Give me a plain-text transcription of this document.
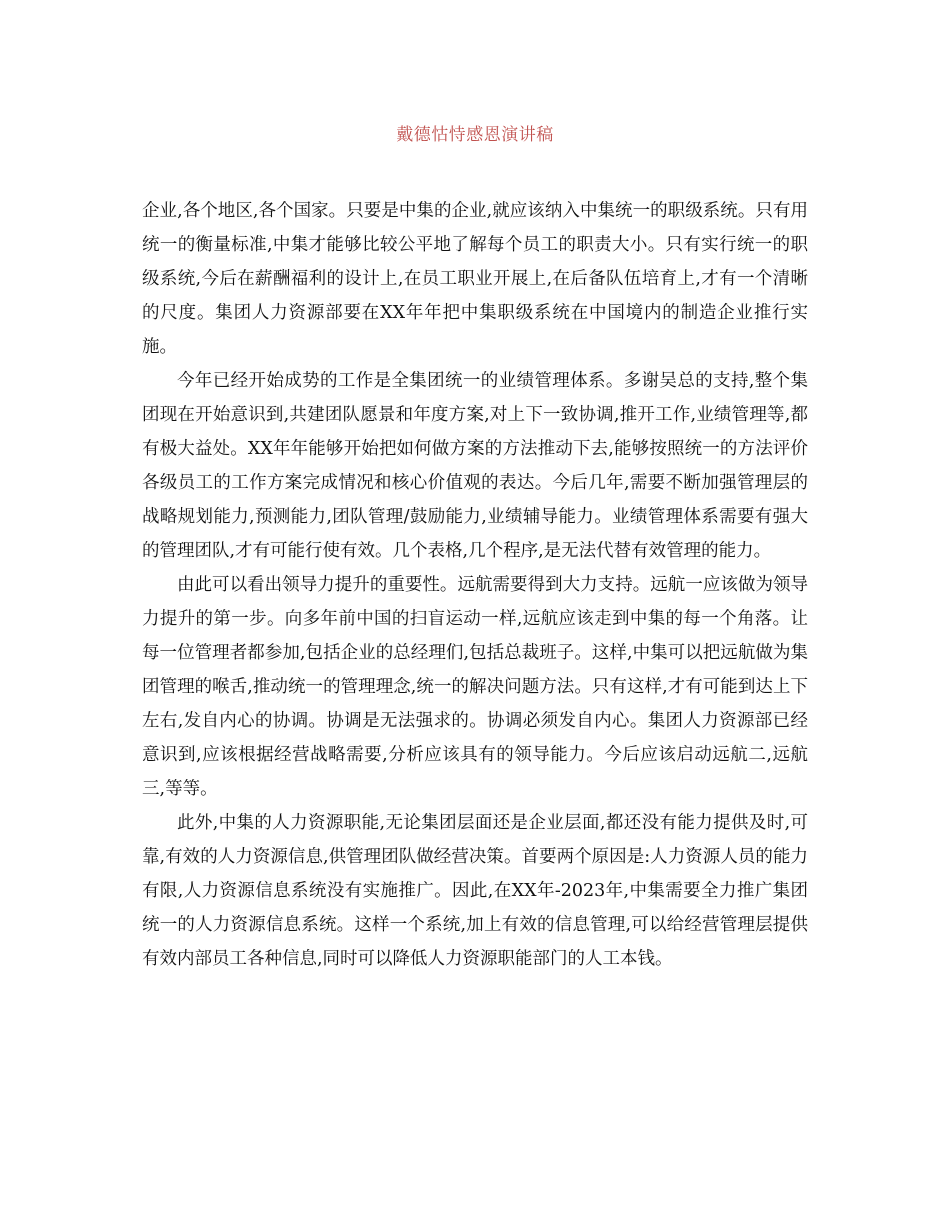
戴德怙恃感恩演讲稿

企业,各个地区,各个国家。只要是中集的企业,就应该纳入中集统一的职级系统。只有用统一的衡量标准,中集才能够比较公平地了解每个员工的职责大小。只有实行统一的职级系统,今后在薪酬福利的设计上,在员工职业开展上,在后备队伍培育上,才有一个清晰的尺度。集团人力资源部要在XX年年把中集职级系统在中国境内的制造企业推行实施。

今年已经开始成势的工作是全集团统一的业绩管理体系。多谢吴总的支持,整个集团现在开始意识到,共建团队愿景和年度方案,对上下一致协调,推开工作,业绩管理等,都有极大益处。XX年年能够开始把如何做方案的方法推动下去,能够按照统一的方法评价各级员工的工作方案完成情况和核心价值观的表达。今后几年,需要不断加强管理层的战略规划能力,预测能力,团队管理/鼓励能力,业绩辅导能力。业绩管理体系需要有强大的管理团队,才有可能行使有效。几个表格,几个程序,是无法代替有效管理的能力。

由此可以看出领导力提升的重要性。远航需要得到大力支持。远航一应该做为领导力提升的第一步。向多年前中国的扫盲运动一样,远航应该走到中集的每一个角落。让每一位管理者都参加,包括企业的总经理们,包括总裁班子。这样,中集可以把远航做为集团管理的喉舌,推动统一的管理理念,统一的解决问题方法。只有这样,才有可能到达上下左右,发自内心的协调。协调是无法强求的。协调必须发自内心。集团人力资源部已经意识到,应该根据经营战略需要,分析应该具有的领导能力。今后应该启动远航二,远航三,等等。

此外,中集的人力资源职能,无论集团层面还是企业层面,都还没有能力提供及时,可靠,有效的人力资源信息,供管理团队做经营决策。首要两个原因是:人力资源人员的能力有限,人力资源信息系统没有实施推广。因此,在XX年-2023年,中集需要全力推广集团统一的人力资源信息系统。这样一个系统,加上有效的信息管理,可以给经营管理层提供有效内部员工各种信息,同时可以降低人力资源职能部门的人工本钱。
